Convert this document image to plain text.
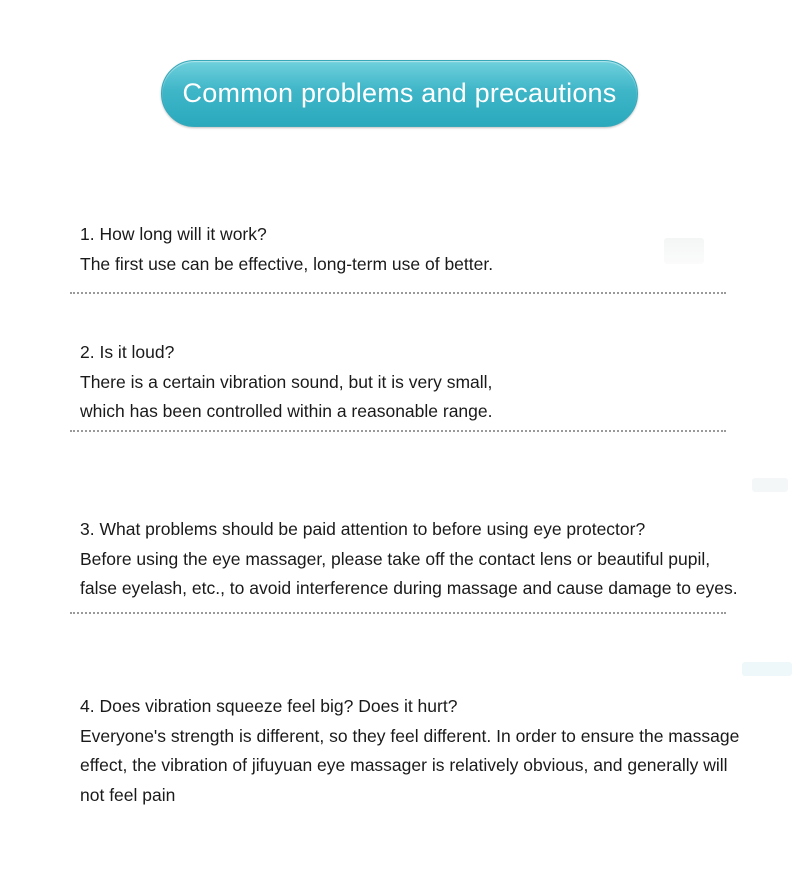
Common problems and precautions

1. How long will it work?

The first use can be effective, long-term use of better.

2. Is it loud?

There is a certain vibration sound, but it is very small,

which has been controlled within a reasonable range.

3. What problems should be paid attention to before using eye protector?

Before using the eye massager, please take off the contact lens or beautiful pupil,

false eyelash, etc., to avoid interference during massage and cause damage to eyes.

4. Does vibration squeeze feel big? Does it hurt?

Everyone's strength is different, so they feel different. In order to ensure the massage

effect, the vibration of jifuyuan eye massager is relatively obvious, and generally will

not feel pain
